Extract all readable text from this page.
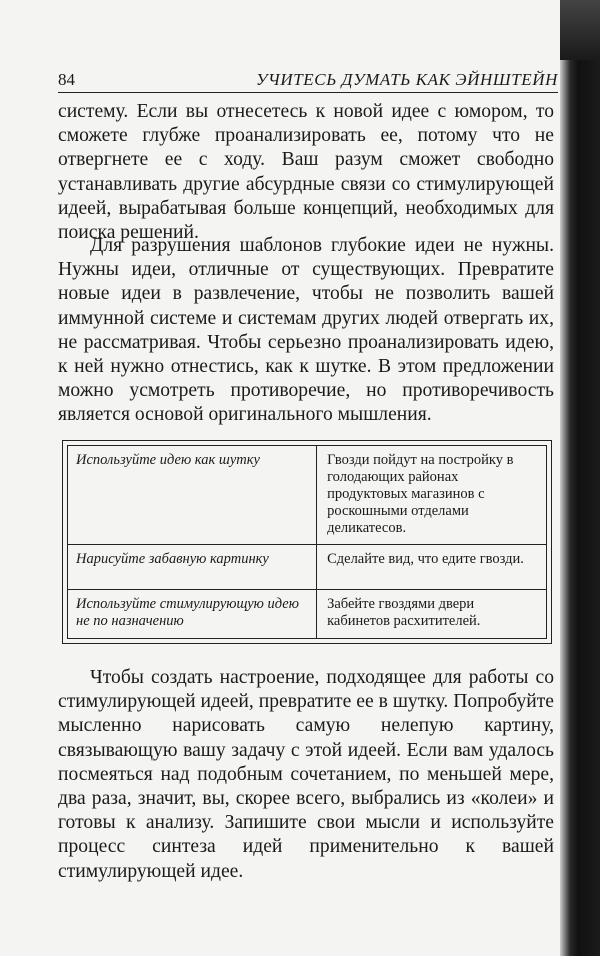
84	УЧИТЕСЬ ДУМАТЬ КАК ЭЙНШТЕЙН

систему. Если вы отнесетесь к новой идее с юмором, то сможете глубже проанализировать ее, потому что не отвергнете ее с ходу. Ваш разум сможет свободно устанавливать другие абсурдные связи со стимулирующей идеей, вырабатывая больше концепций, необходимых для поиска решений.

Для разрушения шаблонов глубокие идеи не нужны. Нужны идеи, отличные от существующих. Превратите новые идеи в развлечение, чтобы не позволить вашей иммунной системе и системам других людей отвергать их, не рассматривая. Чтобы серьезно проанализировать идею, к ней нужно отнестись, как к шутке. В этом предложении можно усмотреть противоречие, но противоречивость является основой оригинального мышления.

Используйте идею как шутку	Гвозди пойдут на постройку в голодающих районах продуктовых магазинов с роскошными отделами деликатесов.
Нарисуйте забавную картинку	Сделайте вид, что едите гвозди.
Используйте стимулирующую идею не по назначению	Забейте гвоздями двери кабинетов расхитителей.

Чтобы создать настроение, подходящее для работы со стимулирующей идеей, превратите ее в шутку. Попробуйте мысленно нарисовать самую нелепую картину, связывающую вашу задачу с этой идеей. Если вам удалось посмеяться над подобным сочетанием, по меньшей мере, два раза, значит, вы, скорее всего, выбрались из «колеи» и готовы к анализу. Запишите свои мысли и используйте процесс синтеза идей применительно к вашей стимулирующей идее.
